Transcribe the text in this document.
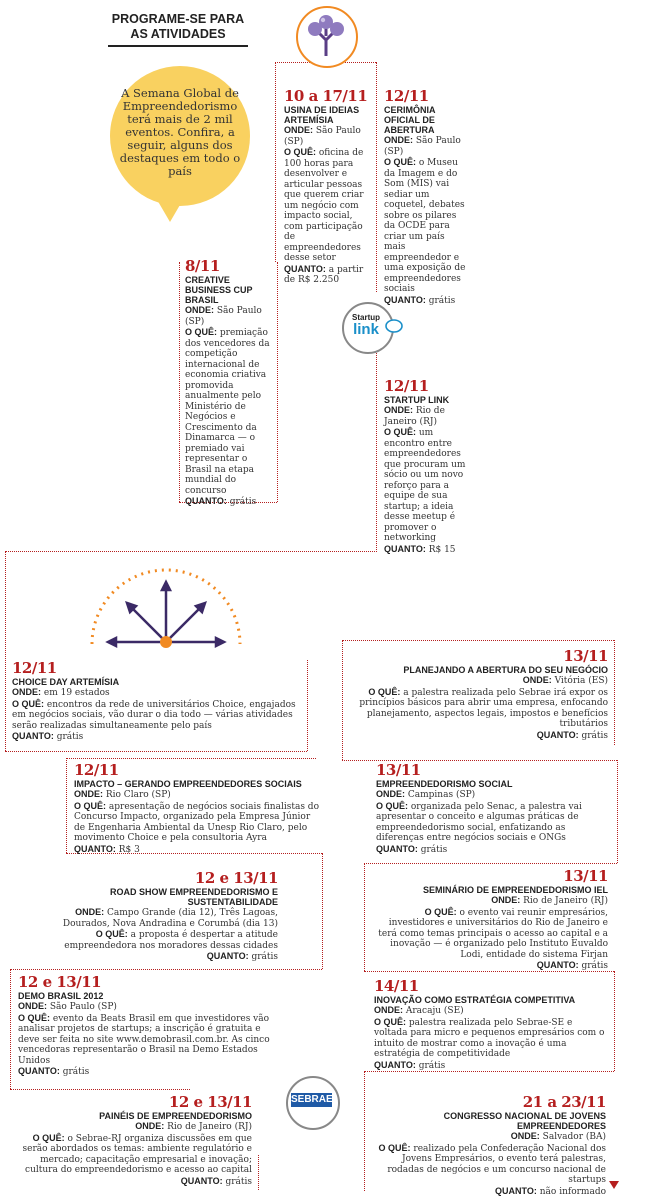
PROGRAME-SE PARA
AS ATIVIDADES
A Semana Global de Empreendedorismo terá mais de 2 mil eventos. Confira, a seguir, alguns dos destaques em todo o país
Startup
link
SEBRAE
10 a 17/11
USINA DE IDEIAS ARTEMÍSIA
ONDE: São Paulo (SP)
O QUÊ: oficina de 100 horas para desenvolver e articular pessoas que querem criar um negócio com impacto social, com participação de empreendedores desse setor
QUANTO: a partir de R$ 2.250
12/11
CERIMÔNIA OFICIAL DE ABERTURA
ONDE: São Paulo (SP)
O QUÊ: o Museu da Imagem e do Som (MIS) vai sediar um coquetel, debates sobre os pilares da OCDE para criar um país mais empreendedor e uma exposição de empreendedores sociais
QUANTO: grátis
8/11
CREATIVE BUSINESS CUP BRASIL
ONDE: São Paulo (SP)
O QUÊ: premiação dos vencedores da competição internacional de economia criativa promovida anualmente pelo Ministério de Negócios e Crescimento da Dinamarca — o premiado vai representar o Brasil na etapa mundial do concurso
QUANTO: grátis
12/11
STARTUP LINK
ONDE: Rio de Janeiro (RJ)
O QUÊ: um encontro entre empreendedores que procuram um sócio ou um novo reforço para a equipe de sua startup; a ideia desse meetup é promover o networking
QUANTO: R$ 15
12/11
CHOICE DAY ARTEMÍSIA
ONDE: em 19 estados
O QUÊ: encontros da rede de universitários Choice, engajados em negócios sociais, vão durar o dia todo — várias atividades serão realizadas simultaneamente pelo país
QUANTO: grátis
13/11
PLANEJANDO A ABERTURA DO SEU NEGÓCIO
ONDE: Vitória (ES)
O QUÊ: a palestra realizada pelo Sebrae irá expor os princípios básicos para abrir uma empresa, enfocando planejamento, aspectos legais, impostos e benefícios tributários
QUANTO: grátis
12/11
IMPACTO – GERANDO EMPREENDEDORES SOCIAIS
ONDE: Rio Claro (SP)
O QUÊ: apresentação de negócios sociais finalistas do Concurso Impacto, organizado pela Empresa Júnior de Engenharia Ambiental da Unesp Rio Claro, pelo movimento Choice e pela consultoria Ayra
QUANTO: R$ 3
13/11
EMPREENDEDORISMO SOCIAL
ONDE: Campinas (SP)
O QUÊ: organizada pelo Senac, a palestra vai apresentar o conceito e algumas práticas de empreendedorismo social, enfatizando as diferenças entre negócios sociais e ONGs
QUANTO: grátis
12 e 13/11
ROAD SHOW EMPREENDEDORISMO E SUSTENTABILIDADE
ONDE: Campo Grande (dia 12), Três Lagoas, Dourados, Nova Andradina e Corumbá (dia 13)
O QUÊ: a proposta é despertar a atitude empreendedora nos moradores dessas cidades
QUANTO: grátis
13/11
SEMINÁRIO DE EMPREENDEDORISMO IEL
ONDE: Rio de Janeiro (RJ)
O QUÊ: o evento vai reunir empresários, investidores e universitários do Rio de Janeiro e terá como temas principais o acesso ao capital e a inovação — é organizado pelo Instituto Euvaldo Lodi, entidade do sistema Firjan
QUANTO: grátis
12 e 13/11
DEMO BRASIL 2012
ONDE: São Paulo (SP)
O QUÊ: evento da Beats Brasil em que investidores vão analisar projetos de startups; a inscrição é gratuita e deve ser feita no site www.demobrasil.com.br. As cinco vencedoras representarão o Brasil na Demo Estados Unidos
QUANTO: grátis
14/11
INOVAÇÃO COMO ESTRATÉGIA COMPETITIVA
ONDE: Aracaju (SE)
O QUÊ: palestra realizada pelo Sebrae-SE e voltada para micro e pequenos empresários com o intuito de mostrar como a inovação é uma estratégia de competitividade
QUANTO: grátis
12 e 13/11
PAINÉIS DE EMPREENDEDORISMO
ONDE: Rio de Janeiro (RJ)
O QUÊ: o Sebrae-RJ organiza discussões em que serão abordados os temas: ambiente regulatório e mercado; capacitação empresarial e inovação; cultura do empreendedorismo e acesso ao capital
QUANTO: grátis
21 a 23/11
CONGRESSO NACIONAL DE JOVENS EMPREENDEDORES
ONDE: Salvador (BA)
O QUÊ: realizado pela Confederação Nacional dos Jovens Empresários, o evento terá palestras, rodadas de negócios e um concurso nacional de startups
QUANTO: não informado
